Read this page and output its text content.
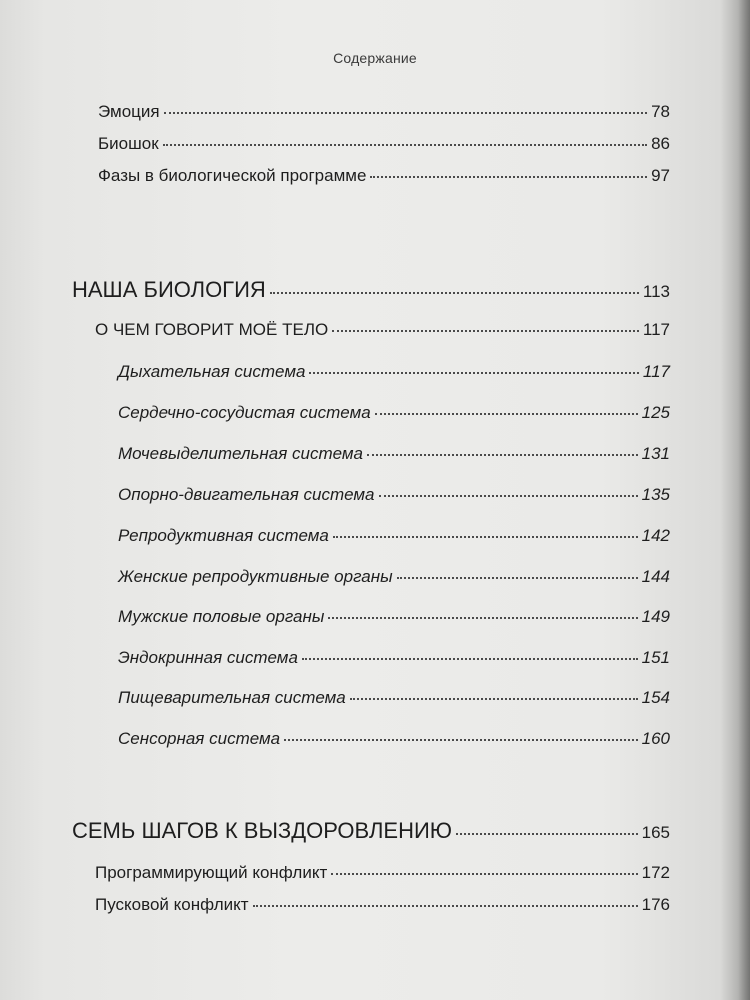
Содержание
Эмоция	78
Биошок	86
Фазы в биологической программе	97
НАША БИОЛОГИЯ	113
О ЧЕМ ГОВОРИТ МОЁ ТЕЛО	117
Дыхательная система	117
Сердечно-сосудистая система	125
Мочевыделительная система	131
Опорно-двигательная система	135
Репродуктивная система	142
Женские репродуктивные органы	144
Мужские половые органы	149
Эндокринная система	151
Пищеварительная система	154
Сенсорная система	160
СЕМЬ ШАГОВ К ВЫЗДОРОВЛЕНИЮ	165
Программирующий конфликт	172
Пусковой конфликт	176
